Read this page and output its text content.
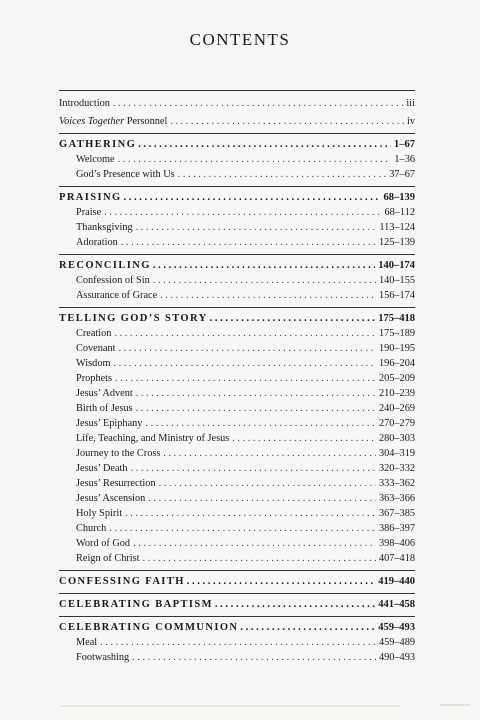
CONTENTS
Introduction . . .	iii
Voices Together Personnel . . .	iv
GATHERING . . .	1–67
Welcome . . .	1–36
God’s Presence with Us . . .	37–67
PRAISING . . .	68–139
Praise . . .	68–112
Thanksgiving . . .	113–124
Adoration . . .	125–139
RECONCILING . . .	140–174
Confession of Sin . . .	140–155
Assurance of Grace . . .	156–174
TELLING GOD’S STORY . . .	175–418
Creation . . .	175–189
Covenant . . .	190–195
Wisdom . . .	196–204
Prophets . . .	205–209
Jesus’ Advent . . .	210–239
Birth of Jesus . . .	240–269
Jesus’ Epiphany . . .	270–279
Life, Teaching, and Ministry of Jesus . . .	280–303
Journey to the Cross . . .	304–319
Jesus’ Death . . .	320–332
Jesus’ Resurrection . . .	333–362
Jesus’ Ascension . . .	363–366
Holy Spirit . . .	367–385
Church . . .	386–397
Word of God . . .	398–406
Reign of Christ . . .	407–418
CONFESSING FAITH . . .	419–440
CELEBRATING BAPTISM . . .	441–458
CELEBRATING COMMUNION . . .	459–493
Meal . . .	459–489
Footwashing . . .	490–493
